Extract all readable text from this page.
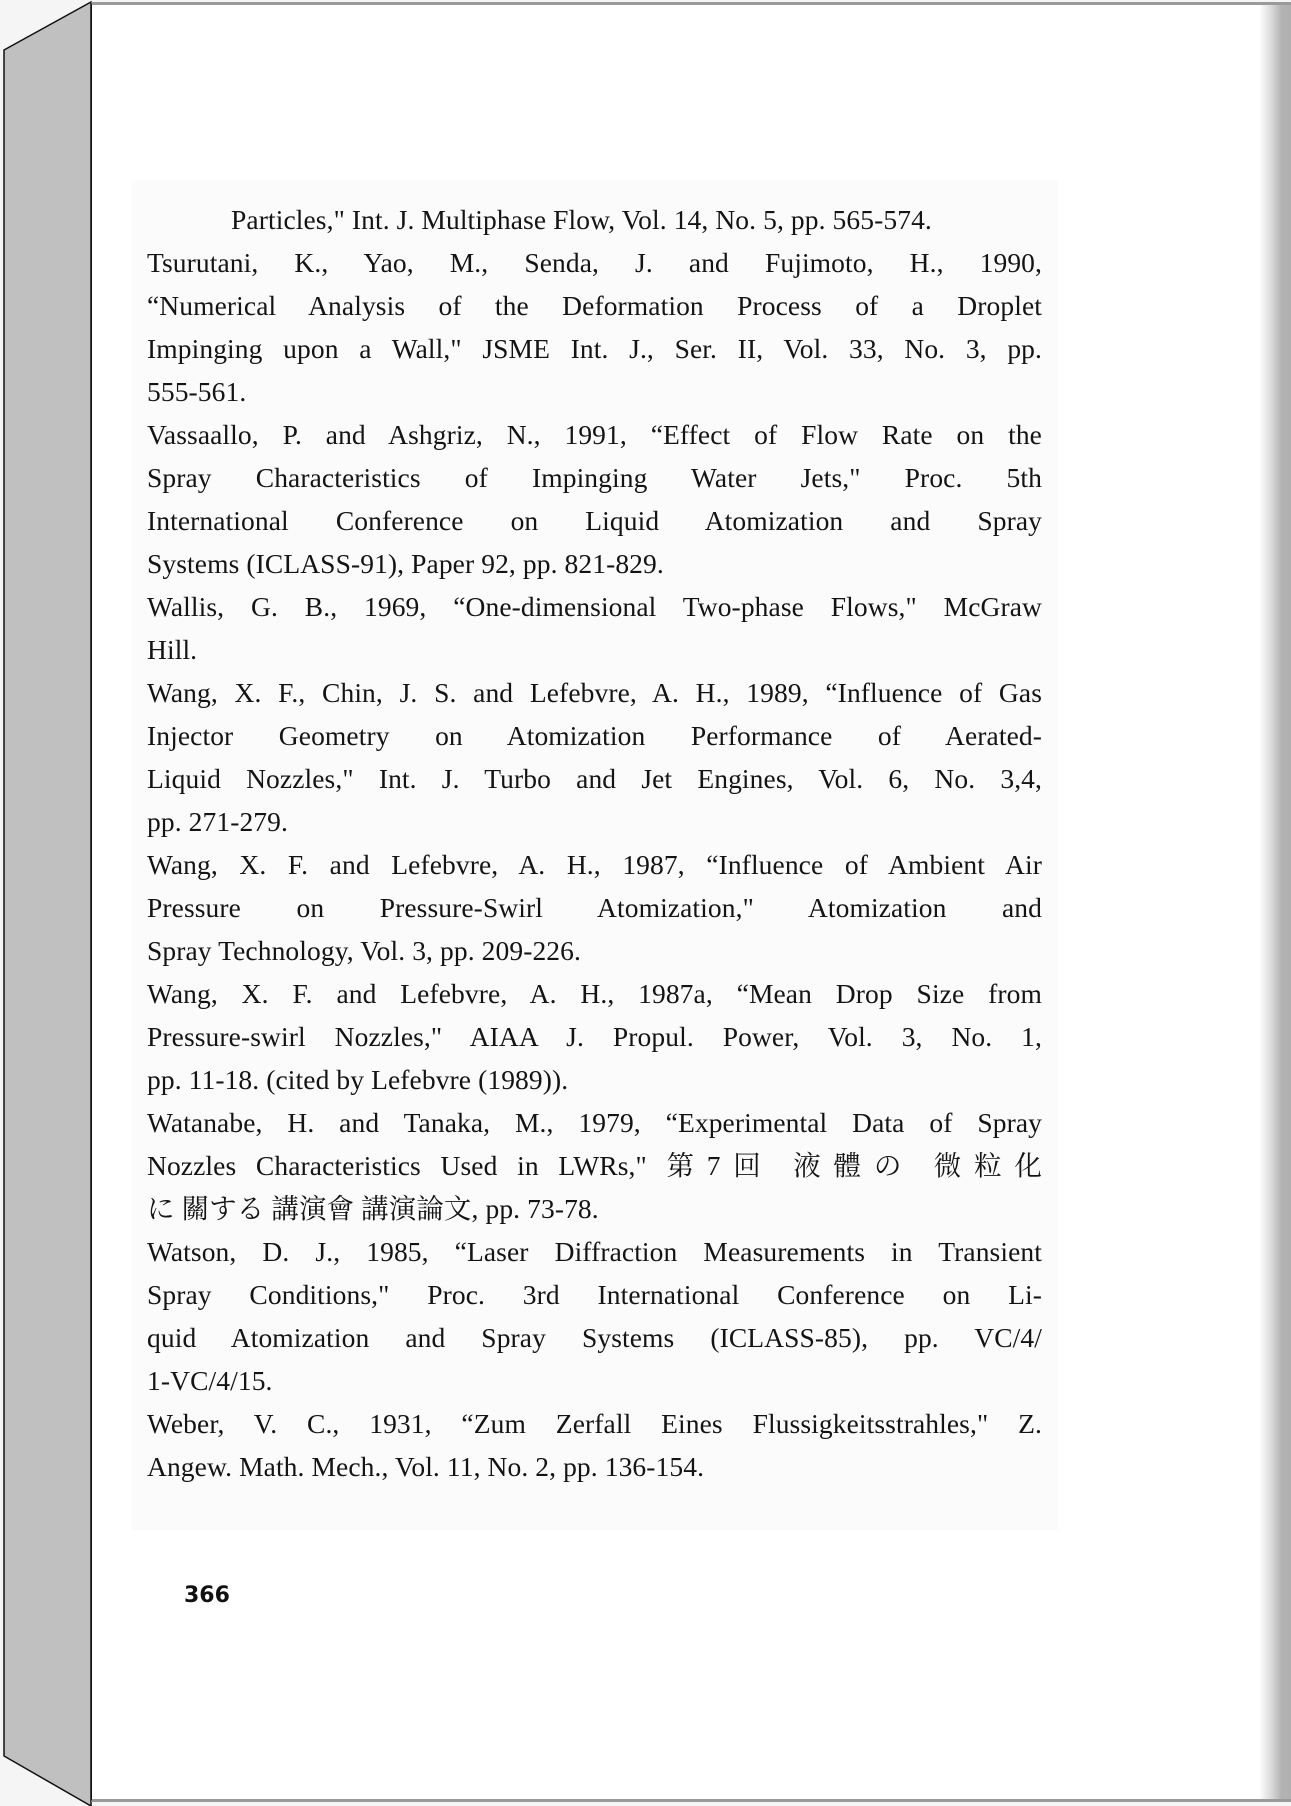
Particles," Int. J. Multiphase Flow, Vol. 14, No. 5, pp. 565-574.
Tsurutani, K., Yao, M., Senda, J. and Fujimoto, H., 1990,
“Numerical Analysis of the Deformation Process of a Droplet
Impinging upon a Wall," JSME Int. J., Ser. II, Vol. 33, No. 3, pp.
555-561.
Vassaallo, P. and Ashgriz, N., 1991, “Effect of Flow Rate on the
Spray Characteristics of Impinging Water Jets," Proc. 5th
International Conference on Liquid Atomization and Spray
Systems (ICLASS-91), Paper 92, pp. 821-829.
Wallis, G. B., 1969, “One-dimensional Two-phase Flows," McGraw
Hill.
Wang, X. F., Chin, J. S. and Lefebvre, A. H., 1989, “Influence of Gas
Injector Geometry on Atomization Performance of Aerated-
Liquid Nozzles," Int. J. Turbo and Jet Engines, Vol. 6, No. 3,4,
pp. 271-279.
Wang, X. F. and Lefebvre, A. H., 1987, “Influence of Ambient Air
Pressure on Pressure-Swirl Atomization," Atomization and
Spray Technology, Vol. 3, pp. 209-226.
Wang, X. F. and Lefebvre, A. H., 1987a, “Mean Drop Size from
Pressure-swirl Nozzles," AIAA J. Propul. Power, Vol. 3, No. 1,
pp. 11-18. (cited by Lefebvre (1989)).
Watanabe, H. and Tanaka, M., 1979, “Experimental Data of Spray
Nozzles Characteristics Used in LWRs," 第7回 液體の 微粒化
に 關する 講演會 講演論文, pp. 73-78.
Watson, D. J., 1985, “Laser Diffraction Measurements in Transient
Spray Conditions," Proc. 3rd International Conference on Li-
quid Atomization and Spray Systems (ICLASS-85), pp. VC/4/
1-VC/4/15.
Weber, V. C., 1931, “Zum Zerfall Eines Flussigkeitsstrahles," Z.
Angew. Math. Mech., Vol. 11, No. 2, pp. 136-154.
366
